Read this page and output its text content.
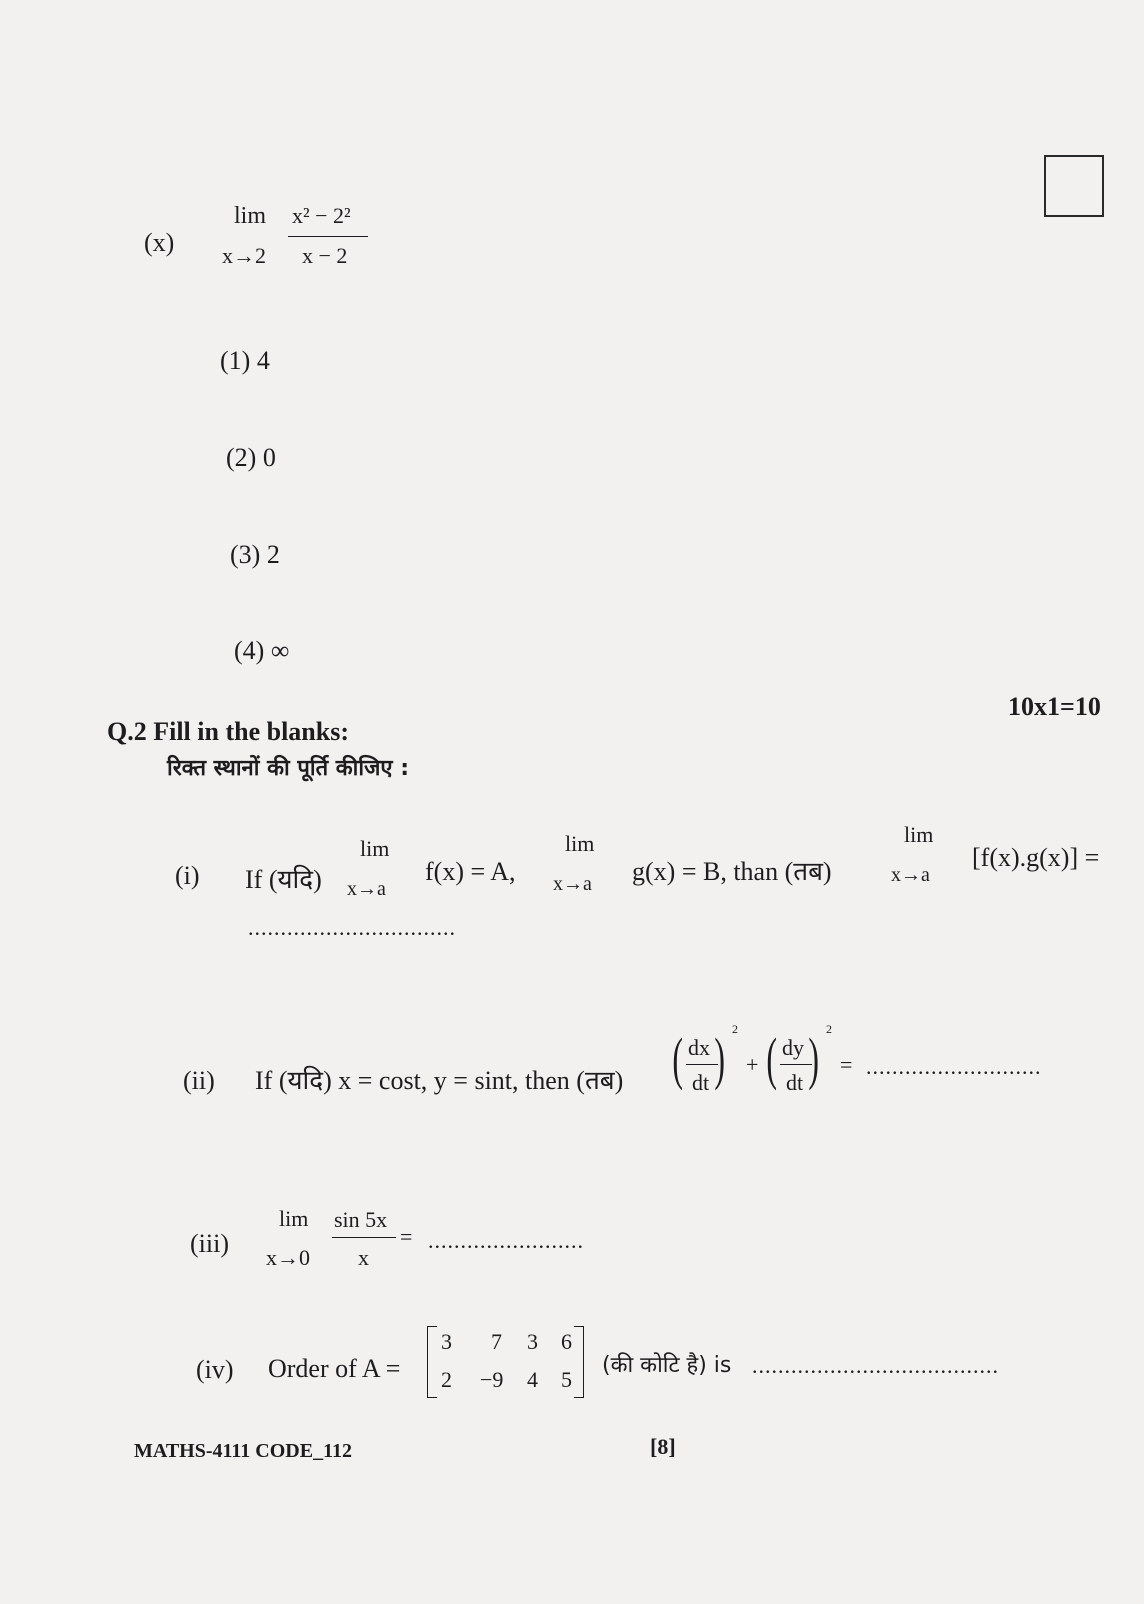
(x)
lim
x→2
x² − 2²
x − 2
(1) 4
(2) 0
(3) 2
(4) ∞
10x1=10
Q.2 Fill in the blanks:
रिक्त स्थानों की पूर्ति कीजिए :
(i) If (यदि)
lim
x→a
f(x) = A,
lim
x→a g(x) = B, than (तब)
lim
x→a
[f(x).g(x)] =
................................
(ii) If (यदि) x = cost, y = sint, then (तब) ( dx
dt ) 2
+ ( dy
dt ) 2
= ...........................
(iii)
lim
x→0
sin 5x
x
= ........................
(iv) Order of A =
3 7 3 6
2 −9 4 5
(की कोटि है) is ......................................
MATHS-4111 CODE_112	[8]
